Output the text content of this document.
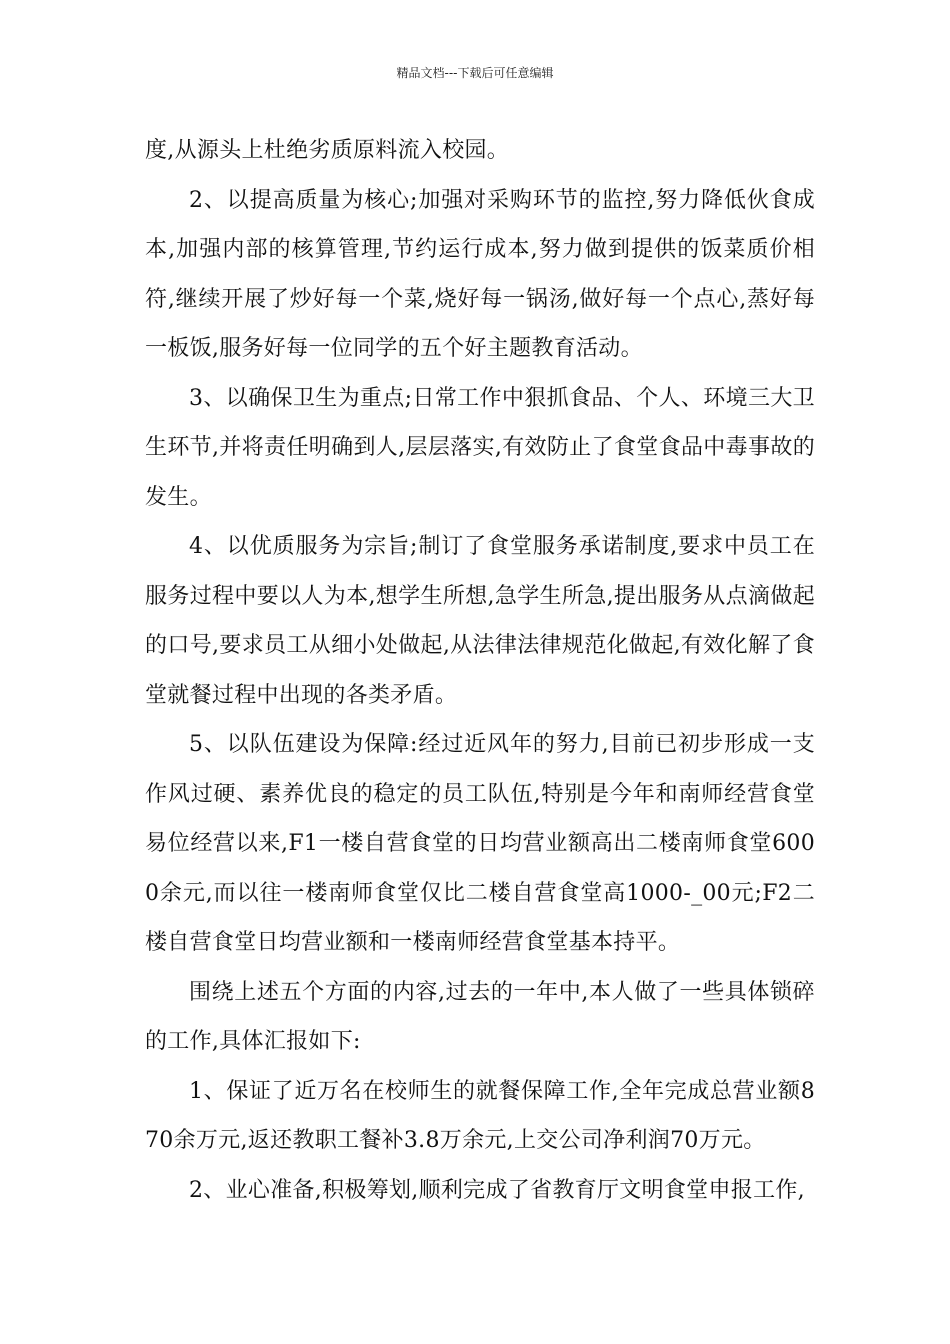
精品文档---下载后可任意编辑

度,从源头上杜绝劣质原料流入校园。

2、以提高质量为核心;加强对采购环节的监控,努力降低伙食成本,加强内部的核算管理,节约运行成本,努力做到提供的饭菜质价相符,继续开展了炒好每一个菜,烧好每一锅汤,做好每一个点心,蒸好每一板饭,服务好每一位同学的五个好主题教育活动。

3、以确保卫生为重点;日常工作中狠抓食品、个人、环境三大卫生环节,并将责任明确到人,层层落实,有效防止了食堂食品中毒事故的发生。

4、以优质服务为宗旨;制订了食堂服务承诺制度,要求中员工在服务过程中要以人为本,想学生所想,急学生所急,提出服务从点滴做起的口号,要求员工从细小处做起,从法律法律规范化做起,有效化解了食堂就餐过程中出现的各类矛盾。

5、以队伍建设为保障:经过近风年的努力,目前已初步形成一支作风过硬、素养优良的稳定的员工队伍,特别是今年和南师经营食堂易位经营以来,F1一楼自营食堂的日均营业额高出二楼南师食堂6000余元,而以往一楼南师食堂仅比二楼自营食堂高1000-_00元;F2二楼自营食堂日均营业额和一楼南师经营食堂基本持平。

围绕上述五个方面的内容,过去的一年中,本人做了一些具体锁碎的工作,具体汇报如下:

1、保证了近万名在校师生的就餐保障工作,全年完成总营业额870余万元,返还教职工餐补3.8万余元,上交公司净利润70万元。

2、业心准备,积极筹划,顺利完成了省教育厅文明食堂申报工作,
